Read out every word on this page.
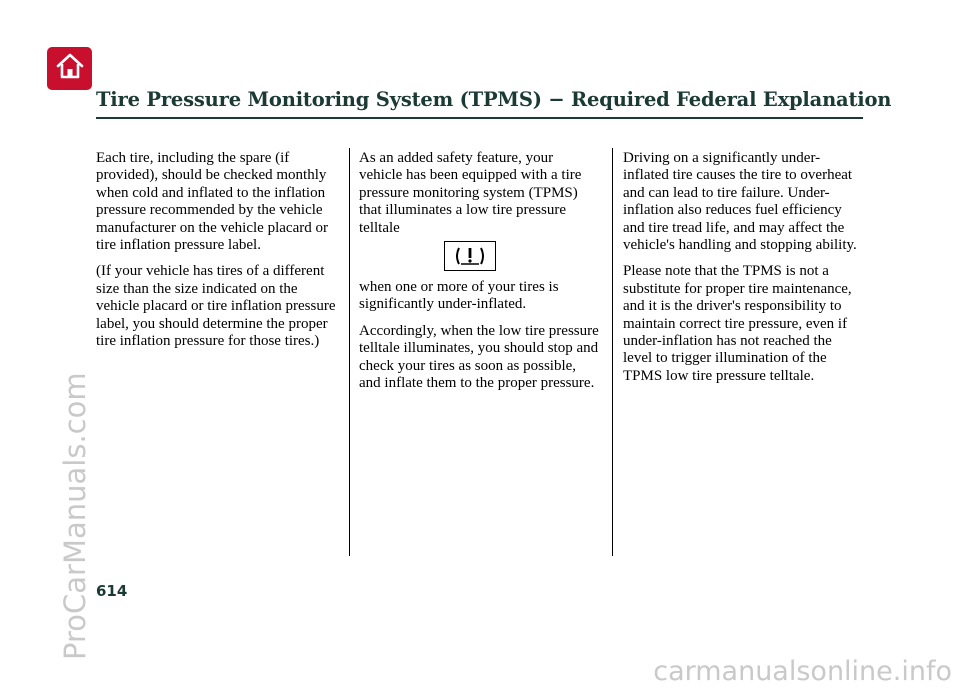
Tire Pressure Monitoring System (TPMS) − Required Federal Explanation

Each tire, including the spare (if provided), should be checked monthly when cold and inflated to the inflation pressure recommended by the vehicle manufacturer on the vehicle placard or tire inflation pressure label.

(If your vehicle has tires of a different size than the size indicated on the vehicle placard or tire inflation pressure label, you should determine the proper tire inflation pressure for those tires.)

As an added safety feature, your vehicle has been equipped with a tire pressure monitoring system (TPMS) that illuminates a low tire pressure telltale

when one or more of your tires is significantly under-inflated.

Accordingly, when the low tire pressure telltale illuminates, you should stop and check your tires as soon as possible, and inflate them to the proper pressure.

Driving on a significantly under-inflated tire causes the tire to overheat and can lead to tire failure. Under-inflation also reduces fuel efficiency and tire tread life, and may affect the vehicle's handling and stopping ability.

Please note that the TPMS is not a substitute for proper tire maintenance, and it is the driver's responsibility to maintain correct tire pressure, even if under-inflation has not reached the level to trigger illumination of the TPMS low tire pressure telltale.

614
ProCarManuals.com
carmanualsonline.info
